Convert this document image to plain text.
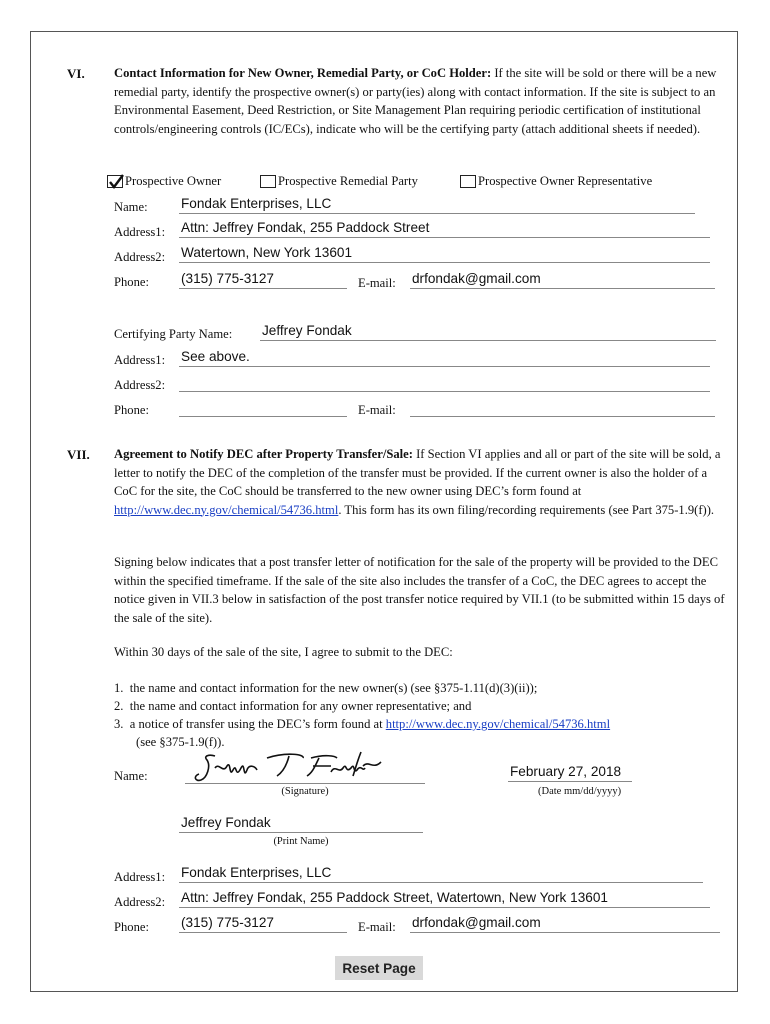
VI. Contact Information for New Owner, Remedial Party, or CoC Holder: If the site will be sold or there will be a new remedial party, identify the prospective owner(s) or party(ies) along with contact information. If the site is subject to an Environmental Easement, Deed Restriction, or Site Management Plan requiring periodic certification of institutional controls/engineering controls (IC/ECs), indicate who will be the certifying party (attach additional sheets if needed).
Prospective Owner	Prospective Remedial Party	Prospective Owner Representative
Name: Fondak Enterprises, LLC
Address1: Attn: Jeffrey Fondak, 255 Paddock Street
Address2: Watertown, New York 13601
Phone: (315) 775-3127	E-mail: drfondak@gmail.com
Certifying Party Name: Jeffrey Fondak
Address1: See above.
Address2:
Phone:	E-mail:
VII. Agreement to Notify DEC after Property Transfer/Sale: If Section VI applies and all or part of the site will be sold, a letter to notify the DEC of the completion of the transfer must be provided. If the current owner is also the holder of a CoC for the site, the CoC should be transferred to the new owner using DEC’s form found at http://www.dec.ny.gov/chemical/54736.html. This form has its own filing/recording requirements (see Part 375-1.9(f)).
Signing below indicates that a post transfer letter of notification for the sale of the property will be provided to the DEC within the specified timeframe. If the sale of the site also includes the transfer of a CoC, the DEC agrees to accept the notice given in VII.3 below in satisfaction of the post transfer notice required by VII.1 (to be submitted within 15 days of the sale of the site).
Within 30 days of the sale of the site, I agree to submit to the DEC:
1. the name and contact information for the new owner(s) (see §375-1.11(d)(3)(ii));
2. the name and contact information for any owner representative; and
3. a notice of transfer using the DEC’s form found at http://www.dec.ny.gov/chemical/54736.html
(see §375-1.9(f)).
Name:
(Signature)
February 27, 2018
(Date mm/dd/yyyy)
Jeffrey Fondak
(Print Name)
Address1: Fondak Enterprises, LLC
Address2: Attn: Jeffrey Fondak, 255 Paddock Street, Watertown, New York 13601
Phone: (315) 775-3127	E-mail: drfondak@gmail.com
Reset Page
